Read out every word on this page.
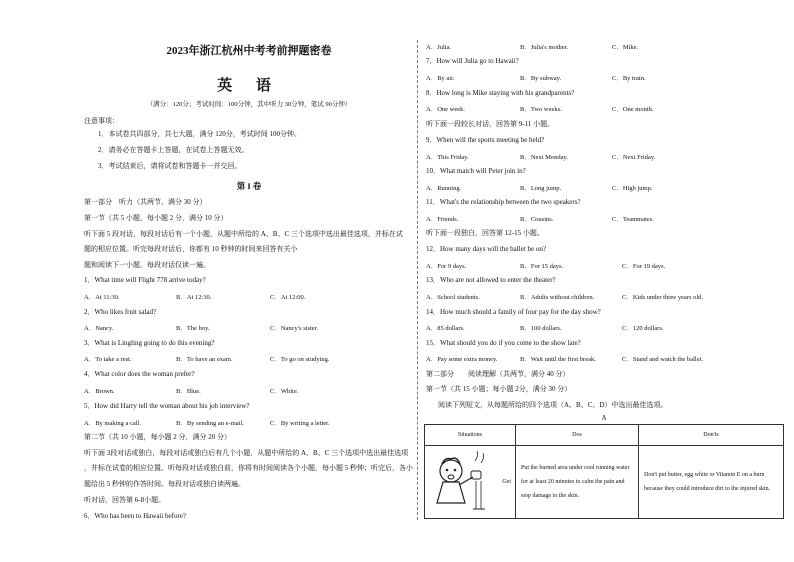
2023年浙江杭州中考考前押题密卷
英 语
（满分：120分；考试时间：100分钟，其中听力 30分钟，笔试 90分钟）
注意事项：
1．本试卷共四部分，共七大题，满分 120分，考试时间 100分钟。
2．请务必在答题卡上答题，在试卷上答题无效。
3．考试结束后，请将试卷和答题卡一并交回。
第 I 卷
第一部分　听力（共两节，满分 30 分）
第一节（共 5 小题，每小题 2 分，满分 10 分）
听下面 5 段对话，每段对话后有一个小题，从题中所给的 A、B、C 三个选项中选出最佳选项，并标在试
题的相应位置。听完每段对话后，你都有 10 秒钟的时间来回答有关小
题和阅读下一小题。每段对话仅读一遍。
1．What time will Flight 778 arrive today?
A．At 11:30.	B．At 12:30.	C．At 12:00.
2．Who likes fruit salad?
A．Nancy.	B．The boy.	C．Nancy's sister.
3．What is Lingling going to do this evening?
A．To take a rest.	B．To have an exam.	C．To go on studying.
4．What color does the woman prefer?
A．Brown.	B．Blue.	C．White.
5．How did Harry tell the woman about his job interview?
A．By making a call.	B．By sending an e-mail.	C．By writing a letter.
第二节（共 10 小题，每小题 2 分，满分 20 分）
听下面 3段对话或独白，每段对话或独白后有几个小题，从题中所给的 A、B、C 三个选项中选出最佳选项
，并标在试卷的相应位置。听每段对话或独白前，你将有时间阅读各个小题，每小题 5 秒钟；听完后，各小
题给出 5 秒钟的作答时间。每段对话或独白读两遍。
听对话，回答第 6-8小题。
6．Who has been to Hawaii before?
A．Julia.	B．Julia's mother.	C．Mike.
7．How will Julia go to Hawaii?
A．By air.	B．By subway.	C．By train.
8．How long is Mike staying with his grandparents?
A．One week.	B．Two weeks.	C．One month.
听下面一段较长对话，回答第 9-11 小题。
9．When will the sports meeting be held?
A．This Friday.	B．Next Monday.	C．Next Friday.
10．What match will Peter join in?
A．Running.	B．Long jump.	C．High jump.
11．What's the relationship between the two speakers?
A．Friends.	B．Cousins.	C．Teammates.
听下面一段独白，回答第 12-15 小题。
12．How many days will the ballet be on?
A．For 9 days.	B．For 15 days.	C．For 19 days.
13．Who are not allowed to enter the theater?
A．School students.	B．Adults without children.	C．Kids under three years old.
14．How much should a family of four pay for the day show?
A．85 dollars.	B．100 dollars.	C．120 dollars.
15．What should you do if you come to the show late?
A．Pay some extra money.	B．Wait until the first break.	C．Stand and watch the ballet.
第二部分　　阅读理解（共两节，满分 40 分）
第一节（共 15 小题；每小题 2分，满分 30 分）
阅读下列短文，从每题所给的四个选项（A、B、C、D）中选出最佳选项。
A
Situations	Dos	Don'ts

Get	Put the burned area under cool running water for at least 20 minutes to calm the pain and stop damage to the skin.	Don't put butter, egg white or Vitamin E on a burn because they could introduce dirt to the injured skin.
